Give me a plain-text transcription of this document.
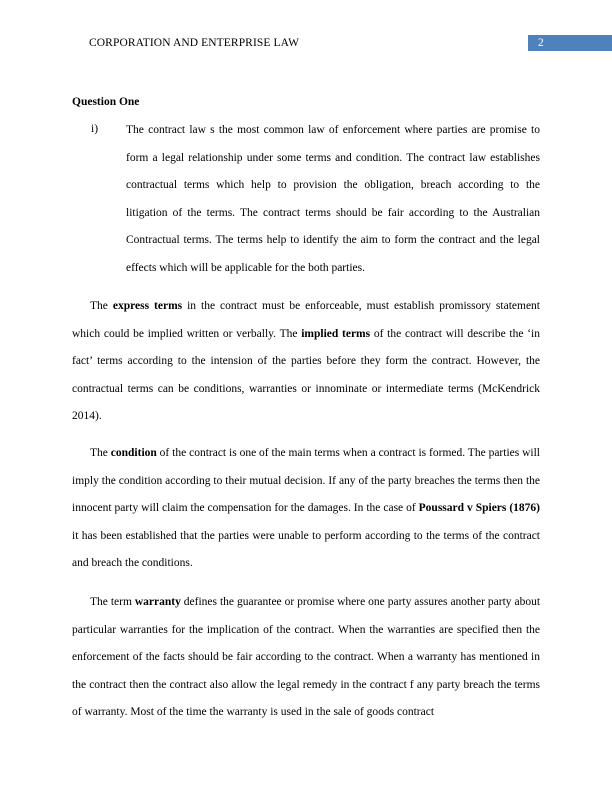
CORPORATION AND ENTERPRISE LAW	2
Question One
i) The contract law s the most common law of enforcement where parties are promise to form a legal relationship under some terms and condition. The contract law establishes contractual terms which help to provision the obligation, breach according to the litigation of the terms. The contract terms should be fair according to the Australian Contractual terms. The terms help to identify the aim to form the contract and the legal effects which will be applicable for the both parties.

The express terms in the contract must be enforceable, must establish promissory statement which could be implied written or verbally. The implied terms of the contract will describe the ‘in fact’ terms according to the intension of the parties before they form the contract. However, the contractual terms can be conditions, warranties or innominate or intermediate terms (McKendrick 2014).

The condition of the contract is one of the main terms when a contract is formed. The parties will imply the condition according to their mutual decision. If any of the party breaches the terms then the innocent party will claim the compensation for the damages. In the case of Poussard v Spiers (1876) it has been established that the parties were unable to perform according to the terms of the contract and breach the conditions.

The term warranty defines the guarantee or promise where one party assures another party about particular warranties for the implication of the contract. When the warranties are specified then the enforcement of the facts should be fair according to the contract. When a warranty has mentioned in the contract then the contract also allow the legal remedy in the contract f any party breach the terms of warranty. Most of the time the warranty is used in the sale of goods contract
